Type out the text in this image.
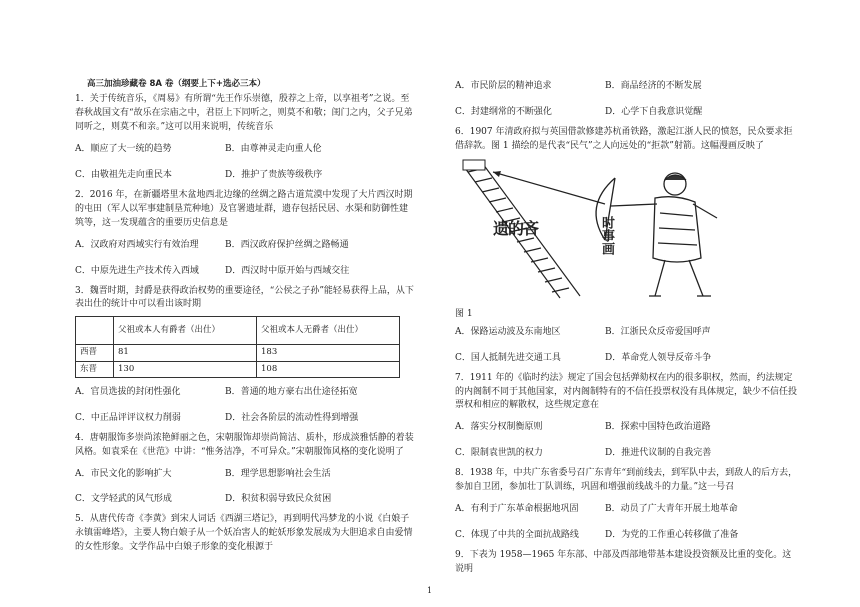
高三加油珍藏卷 8A 卷（纲要上下+选必三本）

1．关于传统音乐，《周易》有所谓“先王作乐崇德，殷荐之上帝，以享祖考”之说。至春秋战国文有“故乐在宗庙之中，君臣上下同听之，则莫不和敬；闺门之内，父子兄弟同听之，则莫不和亲。”这可以用来说明，传统音乐

A．顺应了大一统的趋势	B．由尊神灵走向重人伦
C．由敬祖先走向重民本	D．推护了贵族等级秩序

2．2016 年，在新疆塔里木盆地西北边缘的丝绸之路古道荒漠中发现了大片西汉时期的屯田（军人以军事建制垦荒种地）及官署遗址群，遗存包括民居、水渠和防御性建筑等，这一发现蕴含的重要历史信息是

A．汉政府对西域实行有效治理	B．西汉政府保护丝绸之路畅通
C．中原先进生产技术传入西域	D．西汉时中原开始与西域交往

3．魏晋时期，封爵是获得政治权势的重要途径，“公侯之子孙”能轻易获得上品，从下表出仕的统计中可以看出该时期

	父祖或本人有爵者（出仕）	父祖或本人无爵者（出仕）
西晋	81	183
东晋	130	108
A．官员选拔的封闭性强化	B．普通的地方豪右出仕途径拓宽
C．中正品评评议权力削弱	D．社会各阶层的流动性得到增强

4．唐朝服饰多崇尚浓艳鲜丽之色，宋朝服饰却崇尚简洁、质朴，形成淡雅恬静的着装风格。如袁采在《世范》中讲：“惟务洁净，不可异众。”宋朝服饰风格的变化说明了

A．市民文化的影响扩大	B．理学思想影响社会生活
C．文学轻武的风气形成	D．积贫积弱导致民众贫困

5．从唐代传奇《李黄》到宋人词话《西湖三塔记》，再到明代冯梦龙的小说《白娘子永镇雷峰塔》，主要人物白娘子从一个妖冶害人的蛇妖形象发展成为大胆追求自由爱情的女性形象。文学作品中白娘子形象的变化根源于

A．市民阶层的精神追求	B．商品经济的不断发展
C．封建纲常的不断强化	D．心学下自我意识觉醒

6．1907 年清政府拟与英国借款修建苏杭甬铁路，激起江浙人民的愤怒，民众要求拒借辞款。图 1 描绘的是代表“民气”之人向远处的“拒款”射箭。这幅漫画反映了

遗的吝	时事画
图 1
A．保路运动波及东南地区	B．江浙民众反帝爱国呼声
C．国人抵制先进交通工具	D．革命党人领导反帝斗争

7．1911 年的《临时约法》规定了国会包括弹劾权在内的很多职权，然而，约法规定的内阁制不同于其他国家，对内阁制特有的不信任投票权没有具体规定，缺少不信任投票权和相应的解散权，这些规定意在

A．落实分权制衡原则	B．探索中国特色政治道路
C．限制袁世凯的权力	D．推进代议制的自我完善

8．1938 年，中共广东省委号召广东青年“到前线去，到军队中去，到敌人的后方去，参加自卫团，参加壮丁队训练，巩固和增强前线战斗的力量。”这一号召

A．有利于广东革命根据地巩固	B．动员了广大青年开展土地革命
C．体现了中共的全面抗战路线	D．为党的工作重心转移做了准备

9．下表为 1958—1965 年东部、中部及西部地带基本建设投资额及比重的变化。这说明

1
